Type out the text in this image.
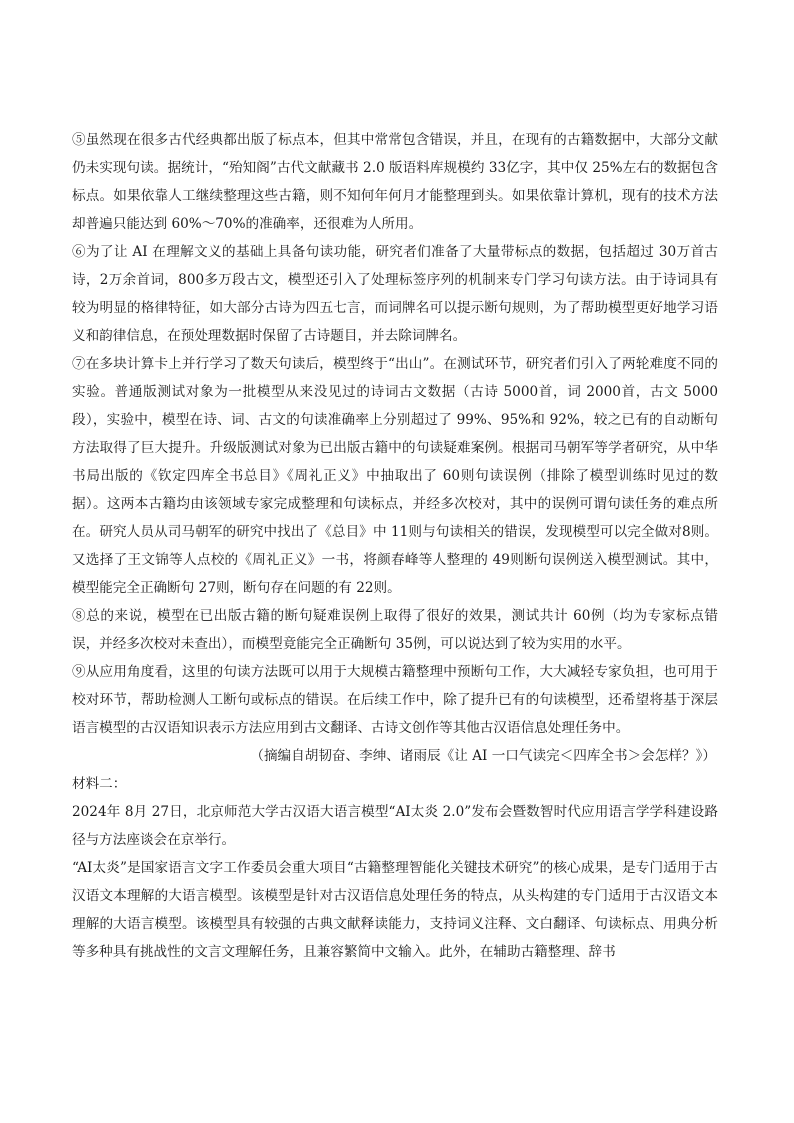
⑤虽然现在很多古代经典都出版了标点本，但其中常常包含错误，并且，在现有的古籍数据中，大部分文献仍未实现句读。据统计，“殆知阁”古代文献藏书 2.0 版语料库规模约 33亿字，其中仅 25%左右的数据包含标点。如果依靠人工继续整理这些古籍，则不知何年何月才能整理到头。如果依靠计算机，现有的技术方法却普遍只能达到 60%～70%的准确率，还很难为人所用。

⑥为了让 AI 在理解文义的基础上具备句读功能，研究者们准备了大量带标点的数据，包括超过 30万首古诗，2万余首词，800多万段古文，模型还引入了处理标签序列的机制来专门学习句读方法。由于诗词具有较为明显的格律特征，如大部分古诗为四五七言，而词牌名可以提示断句规则，为了帮助模型更好地学习语义和韵律信息，在预处理数据时保留了古诗题目，并去除词牌名。

⑦在多块计算卡上并行学习了数天句读后，模型终于“出山”。在测试环节，研究者们引入了两轮难度不同的实验。普通版测试对象为一批模型从来没见过的诗词古文数据（古诗 5000首，词 2000首，古文 5000段），实验中，模型在诗、词、古文的句读准确率上分别超过了 99%、95%和 92%，较之已有的自动断句方法取得了巨大提升。升级版测试对象为已出版古籍中的句读疑难案例。根据司马朝军等学者研究，从中华书局出版的《钦定四库全书总目》《周礼正义》中抽取出了 60则句读误例（排除了模型训练时见过的数据）。这两本古籍均由该领域专家完成整理和句读标点，并经多次校对，其中的误例可谓句读任务的难点所在。研究人员从司马朝军的研究中找出了《总目》中 11则与句读相关的错误，发现模型可以完全做对8则。又选择了王文锦等人点校的《周礼正义》一书，将颜春峰等人整理的 49则断句误例送入模型测试。其中，模型能完全正确断句 27则，断句存在问题的有 22则。

⑧总的来说，模型在已出版古籍的断句疑难误例上取得了很好的效果，测试共计 60例（均为专家标点错误，并经多次校对未查出），而模型竟能完全正确断句 35例，可以说达到了较为实用的水平。

⑨从应用角度看，这里的句读方法既可以用于大规模古籍整理中预断句工作，大大减轻专家负担，也可用于校对环节，帮助检测人工断句或标点的错误。在后续工作中，除了提升已有的句读模型，还希望将基于深层语言模型的古汉语知识表示方法应用到古文翻译、古诗文创作等其他古汉语信息处理任务中。

（摘编自胡韧奋、李绅、诸雨辰《让 AI 一口气读完＜四库全书＞会怎样？》）

材料二：

2024年 8月 27日，北京师范大学古汉语大语言模型“AI太炎 2.0”发布会暨数智时代应用语言学学科建设路径与方法座谈会在京举行。

“AI太炎”是国家语言文字工作委员会重大项目“古籍整理智能化关键技术研究”的核心成果，是专门适用于古汉语文本理解的大语言模型。该模型是针对古汉语信息处理任务的特点，从头构建的专门适用于古汉语文本理解的大语言模型。该模型具有较强的古典文献释读能力，支持词义注释、文白翻译、句读标点、用典分析等多种具有挑战性的文言文理解任务，且兼容繁简中文输入。此外，在辅助古籍整理、辞书
